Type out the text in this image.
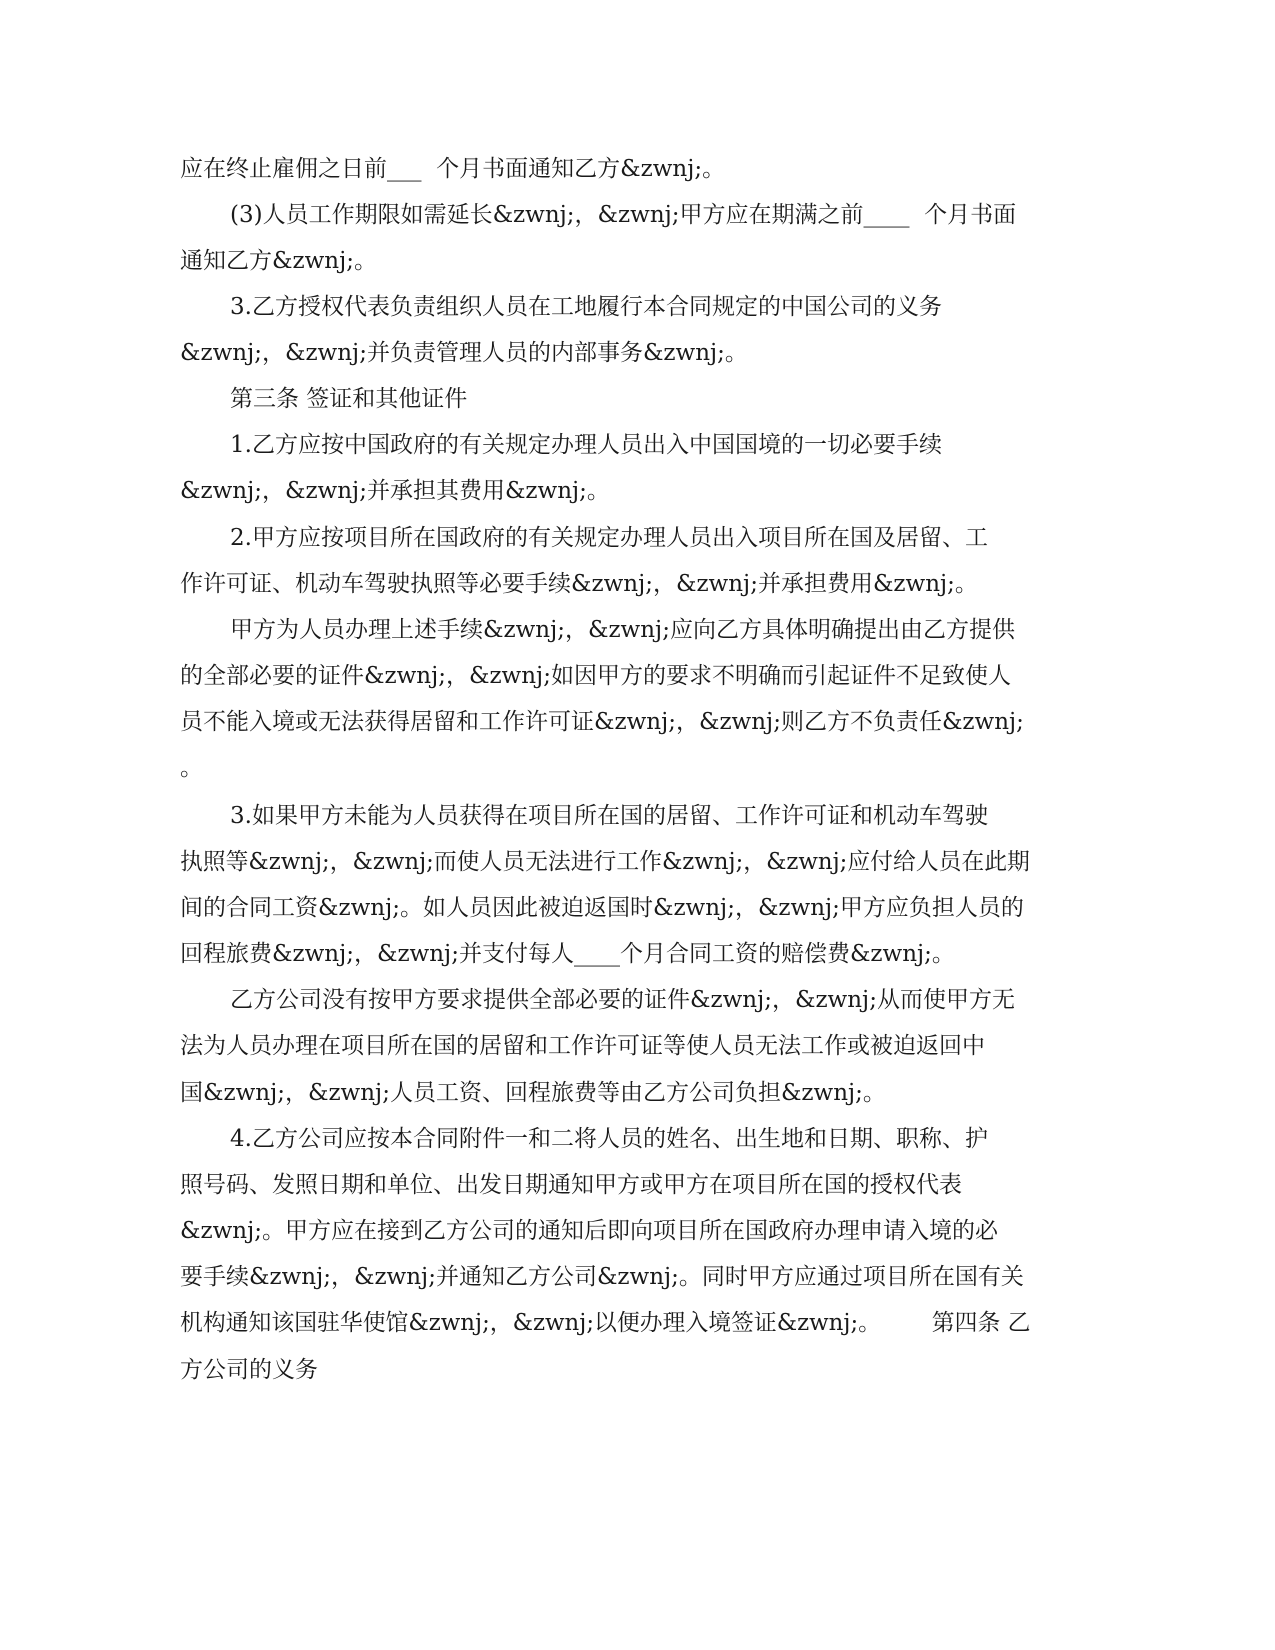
应在终止雇佣之日前___  个月书面通知乙方&zwnj;。

(3)人员工作期限如需延长&zwnj;，&zwnj;甲方应在期满之前____  个月书面

通知乙方&zwnj;。

3.乙方授权代表负责组织人员在工地履行本合同规定的中国公司的义务

&zwnj;，&zwnj;并负责管理人员的内部事务&zwnj;。

第三条 签证和其他证件

1.乙方应按中国政府的有关规定办理人员出入中国国境的一切必要手续

&zwnj;，&zwnj;并承担其费用&zwnj;。

2.甲方应按项目所在国政府的有关规定办理人员出入项目所在国及居留、工

作许可证、机动车驾驶执照等必要手续&zwnj;，&zwnj;并承担费用&zwnj;。

甲方为人员办理上述手续&zwnj;，&zwnj;应向乙方具体明确提出由乙方提供

的全部必要的证件&zwnj;，&zwnj;如因甲方的要求不明确而引起证件不足致使人

员不能入境或无法获得居留和工作许可证&zwnj;，&zwnj;则乙方不负责任&zwnj;

。

3.如果甲方未能为人员获得在项目所在国的居留、工作许可证和机动车驾驶

执照等&zwnj;，&zwnj;而使人员无法进行工作&zwnj;，&zwnj;应付给人员在此期

间的合同工资&zwnj;。如人员因此被迫返国时&zwnj;，&zwnj;甲方应负担人员的

回程旅费&zwnj;，&zwnj;并支付每人____个月合同工资的赔偿费&zwnj;。

乙方公司没有按甲方要求提供全部必要的证件&zwnj;，&zwnj;从而使甲方无

法为人员办理在项目所在国的居留和工作许可证等使人员无法工作或被迫返回中

国&zwnj;，&zwnj;人员工资、回程旅费等由乙方公司负担&zwnj;。

4.乙方公司应按本合同附件一和二将人员的姓名、出生地和日期、职称、护

照号码、发照日期和单位、出发日期通知甲方或甲方在项目所在国的授权代表

&zwnj;。甲方应在接到乙方公司的通知后即向项目所在国政府办理申请入境的必

要手续&zwnj;，&zwnj;并通知乙方公司&zwnj;。同时甲方应通过项目所在国有关

机构通知该国驻华使馆&zwnj;，&zwnj;以便办理入境签证&zwnj;。       第四条 乙

方公司的义务
